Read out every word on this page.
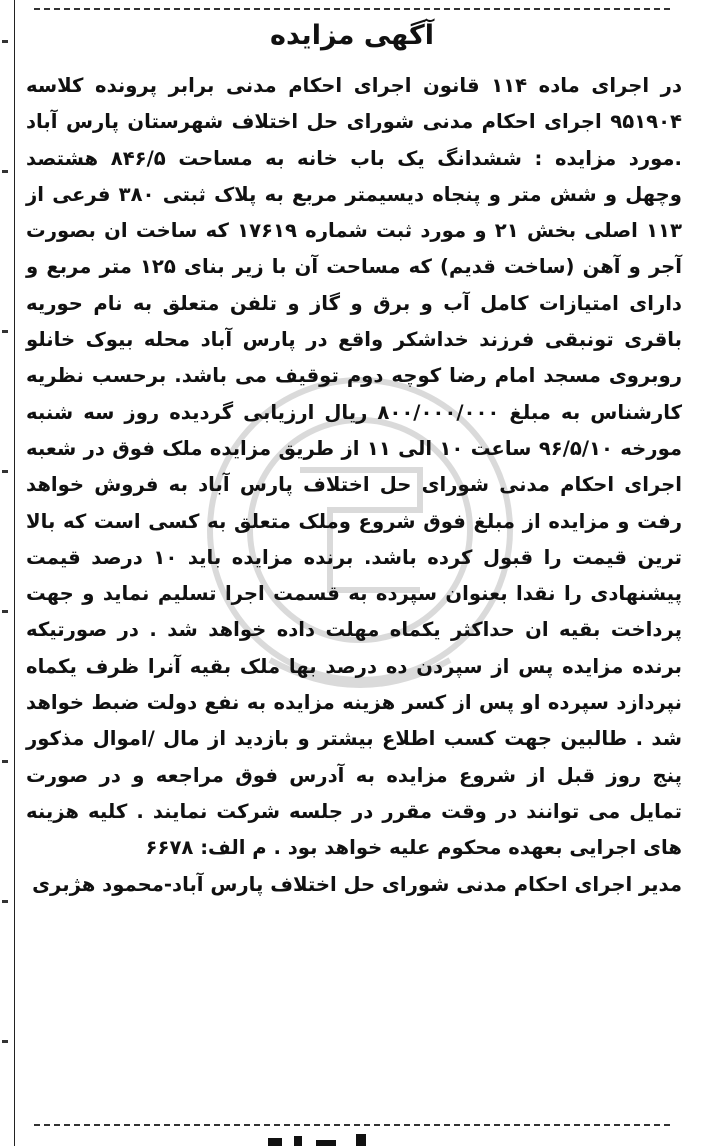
آگهی مزایده
در اجرای ماده ۱۱۴ قانون اجرای احکام مدنی برابر پرونده کلاسه ۹۵۱۹۰۴ اجرای احکام مدنی شورای حل اختلاف شهرستان پارس آباد .مورد مزایده : ششدانگ یک باب خانه به مساحت ۸۴۶/۵ هشتصد وچهل و شش متر و پنجاه دیسیمتر مربع به پلاک ثبتی ۳۸۰ فرعی از ۱۱۳ اصلی بخش ۲۱ و مورد ثبت شماره ۱۷۶۱۹ که ساخت ان بصورت آجر و آهن (ساخت قدیم) که مساحت آن با زیر بنای ۱۲۵ متر مربع و دارای امتیازات کامل آب و برق و گاز و تلفن متعلق به نام حوریه باقری تونبقی فرزند خداشکر واقع در پارس آباد محله بیوک خانلو روبروی مسجد امام رضا کوچه دوم توقیف می باشد. برحسب نظریه کارشناس به مبلغ ۸۰۰/۰۰۰/۰۰۰ ریال ارزیابی گردیده روز سه شنبه مورخه ۹۶/۵/۱۰ ساعت ۱۰ الی ۱۱ از طریق مزایده ملک فوق در شعبه اجرای احکام مدنی شورای حل اختلاف پارس آباد به فروش خواهد رفت و مزایده از مبلغ فوق شروع وملک متعلق به کسی است که بالا ترین قیمت را قبول کرده باشد. برنده مزایده باید ۱۰ درصد قیمت پیشنهادی را نقدا بعنوان سپرده به قسمت اجرا تسلیم نماید و جهت پرداخت بقیه ان حداکثر یکماه مهلت داده خواهد شد . در صورتیکه برنده مزایده پس از سپردن ده درصد بها ملک بقیه آنرا ظرف یکماه نپردازد سپرده او پس از کسر هزینه مزایده به نفع دولت ضبط خواهد شد . طالبین جهت کسب اطلاع بیشتر و بازدید از مال /اموال مذکور پنج روز قبل از شروع مزایده به آدرس فوق مراجعه و در صورت تمایل می توانند در وقت مقرر در جلسه شرکت نمایند . کلیه هزینه های اجرایی بعهده محکوم علیه خواهد بود . م الف: ۶۶۷۸
مدیر اجرای احکام مدنی شورای حل اختلاف پارس آباد-محمود هژبری
